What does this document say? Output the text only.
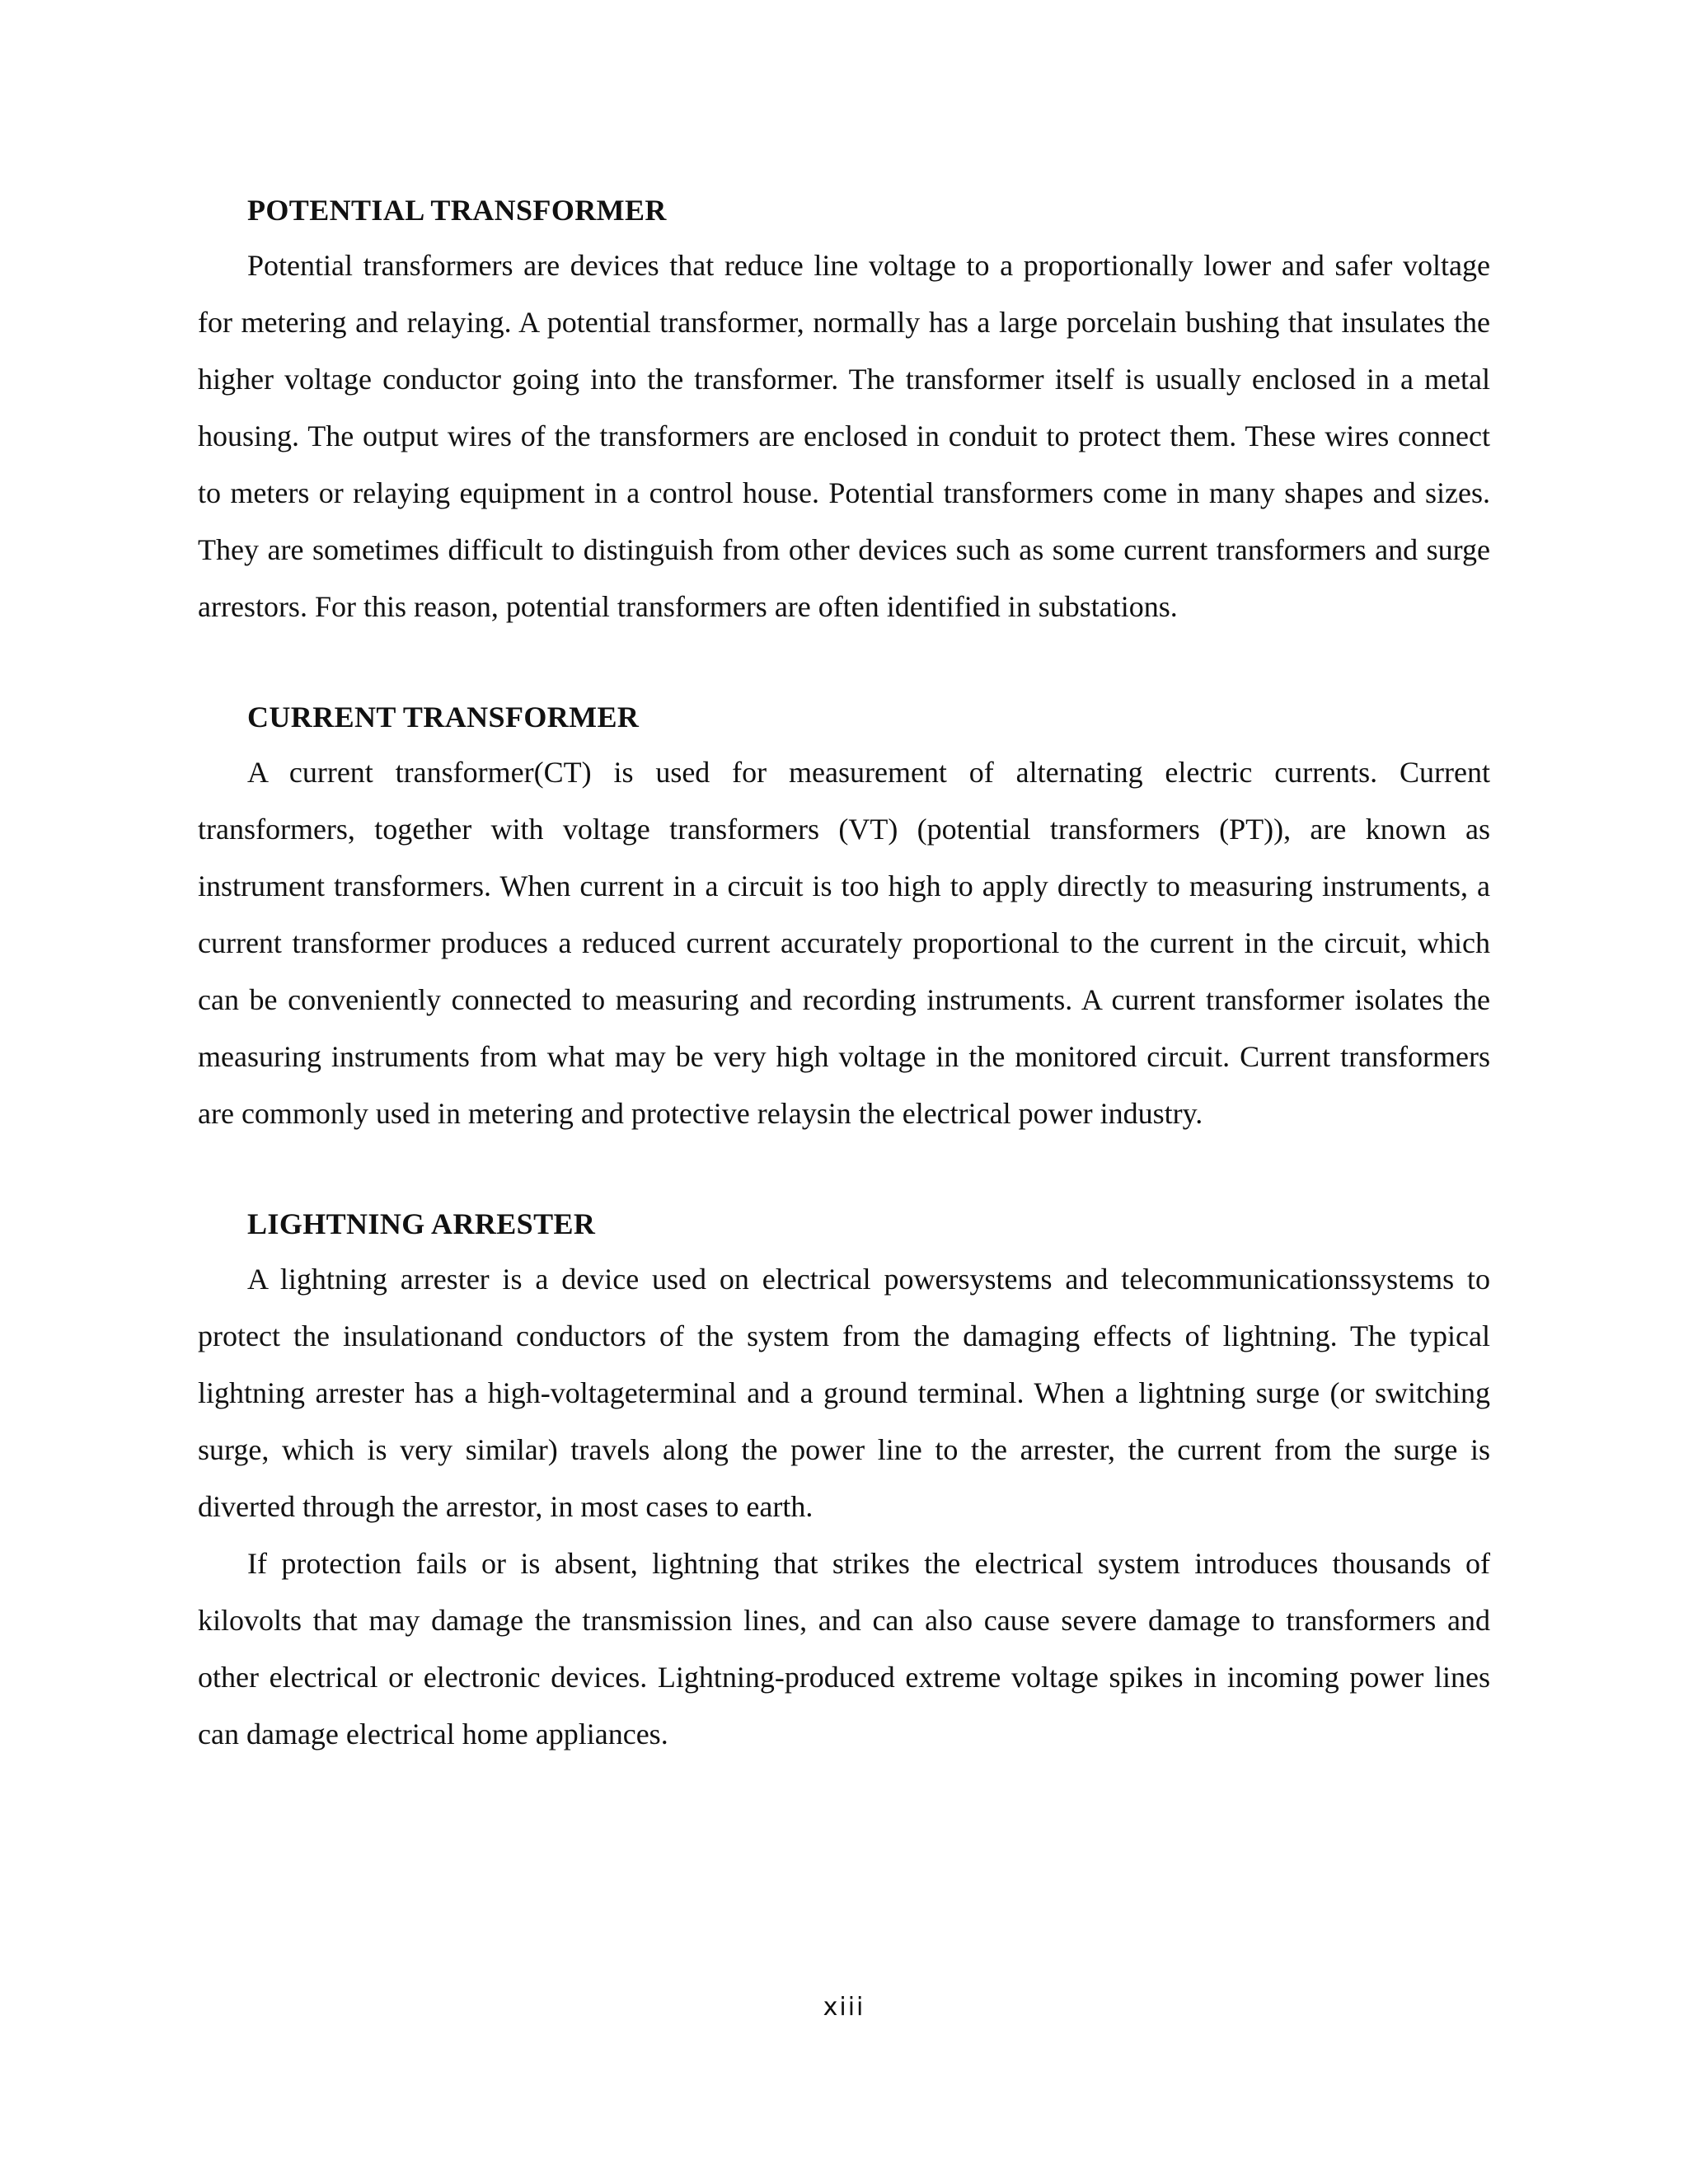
POTENTIAL TRANSFORMER

Potential transformers are devices that reduce line voltage to a proportionally lower and safer voltage for metering and relaying. A potential transformer, normally has a large porcelain bushing that insulates the higher voltage conductor going into the transformer. The transformer itself is usually enclosed in a metal housing. The output wires of the transformers are enclosed in conduit to protect them. These wires connect to meters or relaying equipment in a control house. Potential transformers come in many shapes and sizes. They are sometimes difficult to distinguish from other devices such as some current transformers and surge arrestors. For this reason, potential transformers are often identified in substations.

CURRENT TRANSFORMER

A current transformer(CT) is used for measurement of alternating electric currents. Current transformers, together with voltage transformers (VT) (potential transformers (PT)), are known as instrument transformers. When current in a circuit is too high to apply directly to measuring instruments, a current transformer produces a reduced current accurately proportional to the current in the circuit, which can be conveniently connected to measuring and recording instruments. A current transformer isolates the measuring instruments from what may be very high voltage in the monitored circuit. Current transformers are commonly used in metering and protective relaysin the electrical power industry.

LIGHTNING ARRESTER

A lightning arrester is a device used on electrical powersystems and telecommunicationssystems to protect the insulationand conductors of the system from the damaging effects of lightning. The typical lightning arrester has a high-voltageterminal and a ground terminal. When a lightning surge (or switching surge, which is very similar) travels along the power line to the arrester, the current from the surge is diverted through the arrestor, in most cases to earth.

If protection fails or is absent, lightning that strikes the electrical system introduces thousands of kilovolts that may damage the transmission lines, and can also cause severe damage to transformers and other electrical or electronic devices. Lightning-produced extreme voltage spikes in incoming power lines can damage electrical home appliances.

xiii
